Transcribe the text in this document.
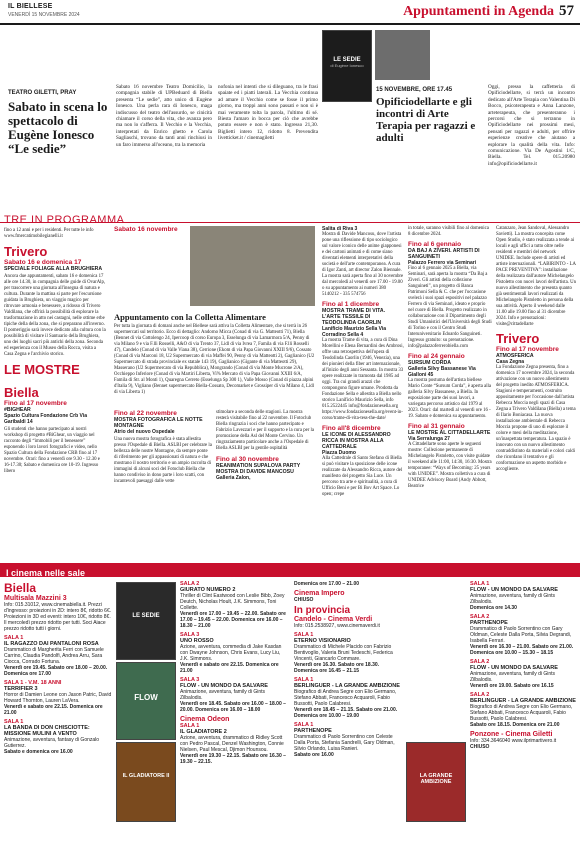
IL BIELLESE
VENERDÌ 15 NOVEMBRE 2024	Appuntamenti in Agenda 57
TEATRO GILETTI, PRAY
Sabato in scena lo spettacolo di Eugène Ionesco “Le sedie”
Sabato 16 novembre Teatro Domicilio, la compagnia stabile di UPBeduard di Biella presenta “Le sedie”, atto unico di Eugène Ionesco. Una perla rara di Ionesco, maga indiscusso del teatro dell'assurdo, se cinicità chiamare il corso della vita, che avanza pero ma non lo s'afferra. Il Vecchio e la Vecchia, interpretati da Enrico ghetto e Carola Sagliaschi, trovano da tanti anni rinchiusi in un faro immerso all'oceano, tra la memoria
nofonia nel intenti che si dileguano, tra le frasi spaiate ed i piatti laterali. La Vecchia continua ad amare il Vecchio come se fosse il primo giorno, ma troppi anni sono passati e non si è mai veramente tolta la parola, l'ultimo di sé. Biesta l'amaro in bocca per ciò che avrebbe potuto essere e non è stato. Ingresso 21,30. Biglietti intero 12, ridotto 8. Prevendita livetticket.it / cinemagiletti
LE SEDIE
di Eugène Ionesco
15 NOVEMBRE, ORE 17.45
Opificiodellarte e gli incontri di Arte Terapia per ragazzi e adulti
Oggi, presso la caffetteria di Opificiodellarte, si terrà un incontro dedicato all'Arte Terapia con Valentina Di Bocco, psicoterapeuta e Anna Lanzone, arteterapeuta, che presenteranno i percorsi che si terranno in Opificiodellarte nei prossimi mesi, pensati per ragazzi e adulti, per offrire esperienze creative che aiutano a esplorare la qualità della vita. Info: comunicazione. Via De Agostini 1/C, Biella. Tel. 015.20980 info@opificiodellarte.it
TRE IN PROGRAMMA
fino a 12 anni e per i residenti. Per tutte le info www.fmercatimobilegianelli.it
Trivero
Sabato 16 e domenica 17
SPECIALE FOLIAGE ALLA BRUGHIERA
Ancora due appuntamenti, sabato 16 e domenica 17 alle ore 14.30, in compagnia delle guide di OvarAlp, per trascorrere una giornata all'insegna di natura e cultura. Durante la mattina si parte per l'escursione guidata in Brughiera, un viaggio magico per ritrovare armonia e benessere, a ridosso di Trivero Valdilana, che offrirà la possibilità di esplorare la trasformazione in atto nei castagni, nelle ottime erbe tipiche della della zona, che si preparano all'inverno. Il pomeriggio sarà invece dedicato alla cultura con la possibilità di visitare il Santuario della Brughiera, uno dei luoghi sacri più antichi della zona. Seconda ed esperienza con il Museo della Rocca, visita a Casa Zegna e l'archivio storico.
LE MOSTRE
Biella
Fino al 17 novembre
#BIGHEAR
Spazio Cultura Fondazione Crb Via Garibaldi 14
Gli studenti che hanno partecipato ai nostri workshop di progetto #BiGhear, un viaggio nel racconto degli “immobili per il benessere” esponendo i loro lavori fotografici e video, nello Spazio Cultura della Fondazione CRB fino al 17 novembre. Orari: fino a venerdì ore 9.30 - 12.30 e 16-17.30; Sabato e domenica ore 10-19. Ingresso libero
Sabato 16 novembre
Appuntamento con la Colletta Alimentare
Per tutta la giornata di domani anche nel Biellese sarà attiva la Colletta Alimentare, che si terrà in 26 supermercati sul territorio. Ecco di dettaglio: Andorno Micca (Conad di via G. Matteotti 71), Biella (Bennet di via Cottolengo 24, Ipercoop di corso Europa 3, Esselunga di via Lamarmora 5/A, Penny di via Milano 9 e via F.lli Rosselli, A&O di via Trento 37, Lidl di via Ivrea 7, Famila di via F.lli Rosselli 47), Candelo (Conad di via Valle Viana 38), Cerrione (Ekom di via Papa Giovanni XXIII 9/6), Cossato (Conad di via Marconi 18, U2 Supermercato di via Maffei 90, Penny di via Matteotti 2), Gaglianico (U2 Supermercato di strada provinciale ex statale 143 19), Gaglianico (Gigante di via Matteotti 29), Masserano (U2 Supermercato di via Repubblica), Mongrando (Conad di via Monte Mucrone 2/A), Occhieppo Inferiore (Conad di via Martiri Liberta, Vi% Mercato di via Papa Giovanni XXIII 6/A, Famila di Str. al Monti 1), Quaregna Cerreto (Esselunga Sp 300 1), Valle Mosso (Conad di piazza alpini d'Italia 9), Vigliano (Bennet supermercato Biella-Cossato, Decomarket e Grossiper di via Milano 4, Lidl di via Liberta 1)
Fino al 22 novembre
MOSTRA FOTOGRAFICA LE NOTTE MONTAGNE
Atrio del nuovo Ospedale
Una nuova mostra fotografica è stata allestita presso l'Ospedale di Biella. ASLBI per celebrare la bellezza delle nostre Montagne, da sempre ponte di riferimento per gli appassionati di natura e che mostrano il nostro territorio e un ampio raccolta di immagini di alcuni soci del Fotoclub Biella che hanno condiviso in dono parte i loro scatti, con incantevoli paesaggi dalle vette
stimolare a seconda delle stagioni. La mostra resterà visitabile fino al 22 novembre. Il Fotoclub Biella ringrazia i soci che hanno partecipato e Fabrizio Lavezzari e per il supporto e la cura per la promozione della Asl del Monte Cervino. Un ringraziamento particolare anche a l'Ospedale di Biella ASLBI per la gentile ospitalità
Fino al 30 novembre
REANIMATION SUPALOVA PARTY MOSTRA DI DAVIDE MANCOSU
Galleria Zalon,
Salita di Riva 3
Mostra di Davide Mancosu, dove l'artista pone una riflessione di tipo sociologico sul valore iconico delle anime giapponesi e dei cartoni animati e di come siano diventati elementi interpretativi della società e dell'arte contemporanea. A cura di Igor Zanti, art director Zalon Biennale. La mostra sarà aperta fino al 30 novembre dal mercoledì al venerdì ore 17.00 - 19.00 o su appuntamento ai numeri 380 5140212 - 335 574756
Fino al 1 dicembre
MOSTRA TRAME DI VITA. L'ARTE TESSILE DI TEODOLINDA CAORLIN
Lanificio Maurizio Sella Via Corradino Sella 4
La mostra Trame di vita, a cura di Dina Morellini e Elena Bernardini des Ambrosi, offre una retrospettiva dell'opera di Teodolinda Caorlin (1946, Venezia), una dei pionieri della fiber art internazionale, all'inizio degli anni Sessanta. In mostra 33 opere realizzate in tramonta dal 1985 ad oggi. Tra cui grandi arazzi che compongono figure umane. Prodotta da Fondazione Sella e allestita a Biella nello storico Lanificio Maurizio Sella, info 015.2522445 info@fondazionesella.org https://www.fondazionesella.org/event-in-corso/trame-di-vita-tess-the-date/
Fino all'8 dicembre
LE ICONE DI ALESSANDRO RICCA IN MOSTRA ALLA CATTEDRALE
Piazza Duomo
Alla Cattedrale di Santo Stefano di Biella si può visitare la sposizione delle icone realizzate da Alessandro Ricca, autore del manifesto del progetto Sia Luce. Un percorso tra arte e spiritualità, a cura di Ufficio Beni e per Bi Bov Art Space. Lo open; crepe
in totale, saranno visibili fino al domenica 8 dicembre 2024.
Fino al 6 gennaio
DA BAJ A ZIVERI. ARTISTI DI SANGUINETI
Palazzo Ferrero via Seminari
Fino al 6 gennaio 2025 a Biella, via Seminari, sarà aperta la mostra “Da Baj a Ziveri. Gli artisti della collezione Sanguineti”, un progetto di Banca Patrimoni Sella & C. che per l'occasione svelerà i suoi spazi espositivi nel palazzo Ferrero di via Seminari, ideato e proprio nel cuore di Biella. Progetto realizzato in collaborazione con il Dipartimento degli Studi Umanistici dell'Università degli Studi di Torino e con il Centro Studi Interuniversitario Edoardo Sanguineti. Ingresso gratuito: su prenotazione. info@palazzoferrerobiella.com
Fino al 24 gennaio
SURSUM CORDA
Galleria Silvy Bassanese Via Gialloni 45
La mostra postuma dell'artista biellese Mario Conte “Sursum Corda”, è aperta alla galleria Silvy Bassanese, a Biella. In esposizione parte dei suoi lavori, a variegata percorso artistico dal 1979 al 2023. Orari: dal martedì al venerdì ore 16 - 19. Sabato e domenica su appuntamento.
Fino al 31 gennaio
LE MOSTRE AL CITTADELLARTE
Via Serralunga 27
A Cittadellarte sono aperte le seguenti mostre: Collezione permanente di Michelangelo Pistoletto, con visite guidate il weekend alle 11:00, 14:30, 16:30. Mostra temporanee: “Ways of Becoming: 25 years with UNIDEE”. Mostra collettiva a cura di UNIDEE Advisory Board (Andy Abbott, Beatrice
Catanzaro, Jean Sandoval, Alessandro Savietti). La mostra concepita come Open Studio, è stato realizzata a tende ai locali e agli uffici a tutto oltre nelle residenti e membri del network UNIDEE. Include opere di artisti ed artiste internazionali. “LABIRINTO - LA PACE PREVENTIVA”: installazione della realizzata dall'autore Michelangelo Pistoletto con nuovi lavori dell'artista. Un nuovo allestimento che presenta quanto già sentimentali lavori realizzati da Michelangelo Pistoletto in persona della sua attività. Aperto il weekend dalle 11.00 alle 19.00 fino al 31 dicembre 2024. Info e prenotazioni: visite@cittadellarte
Trivero
Fino al 17 novembre
ATMOSFERICA
Casa Zegna
La Fondazione Zegna presenta, fino a domenica 17 novembre 2024, la seconda attivazione con un nuovo allestimento del progetto inedito ATMOSFERICA. Stagioni e temperamenti, costruito appositamente per l'occasione dall'artista Rebecca Moccia negli spazi di Casa Zegna a Trivero Valdilana (Biella) a tema di Ilario Boniacasa. La nuova installazione ambientale di Rebecca Moccia propone di uno di esplorare il colore e mesi della meditazione, un'inaspettata temperatura. La spazio è innovato con un nuovo allestimento contraddistinto da materiali e colori caldi che ricordano il tentativo e gli conformazione un aspetto morbido e accogliente.
I cinema nelle sale
Biella
Multisala Mazzini 3
Info: 015.31012, www.cinemabiella.it. Prezzi d'ingresso: proiezioni in 2D: intero 8€, ridotto 6€. Proiezioni in 3D ed eventi: intero 10€, ridotto 8€. Il mercoledì prezzo ridotto per tutti. Soci Aiace prezzo ridotto tutti i giorni.
SALA 1
IL RAGAZZO DAI PANTALONI ROSA
Drammatico di Margherita Ferri con Samuele Carrino, Claudia Pandolfi, Andrea Arru, Sara Ciocca, Corrado Fortuna.
Venerdì ore 19.45. Sabato ore 18.00 – 20.00. Domenica ore 17.00
SALA 1 - V.M. 18 ANNI
TERRIFIER 3
Horror di Damien Leone con Jason Patric, David Howard Thornton, Lauren LaVera.
Venerdì e sabato ore 22.15. Domenica ore 21.00
SALA 1
LA BANDA DI DON CHISCIOTTE: MISSIONE MULINI A VENTO
Animazione, avventura, fantasy di Gonzalo Gutierrez.
Sabato e domenica ore 16.00
LE SEDIE
FLOW
IL GLADIATORE II
SALA 2
GIURATO NUMERO 2
Thriller di Clint Eastwood con Leslie Bibb, Zoey Deutch, Nicholas Hoult, J.K. Simmons, Toni Collette.
Venerdì ore 17.00 – 19.45 – 22.00. Sabato ore 17.00 – 19.45 – 22.00. Domenica ore 16.00 – 18.30 – 21.00
SALA 3
UNO ROSSO
Azione, avventura, commedia di Jake Kasdan con Dwayne Johnson, Chris Evans, Lucy Liu, J.K. Simmons.
Venerdì e sabato ore 22.15. Domenica ore 21.00
SALA 3
FLOW - UN MONDO DA SALVARE
Animazione, avventura, family di Gints Zilbalodis.
Venerdì ore 18.45. Sabato ore 16.00 – 18.00 – 20.00. Domenica ore 16.00 – 18.00
Cinema Odeon
SALA 1
IL GLADIATORE 2
Azione, avventura, drammatico di Ridley Scott con Pedro Pascal, Denzel Washington, Connie Nielsen, Paul Mescal, Djimon Hounsou.
Venerdì ore 19.30 – 22.15. Sabato ore 16.30 – 19.30 – 22.15.
Domenica ore 17.00 – 21.00
Cinema Impero
CHIUSO
In provincia
Candelo - Cinema Verdi
Info: 015.2538927, www.cinemaverdi.it
SALA 1
ETERNO VISIONARIO
Drammatico di Michele Placido con Fabrizio Bentivoglio, Valeria Bruni Tedeschi, Federica Vincenti, Giancarlo Commare.
Venerdì ore 16.30. Sabato ore 18.30. Domenica ore 16.45 – 21.15
SALA 1
BERLINGUER - LA GRANDE AMBIZIONE
Biografico di Andrea Segre con Elio Germano, Stefano Abbati, Francesco Acquaroli, Fabio Bussotti, Paolo Calabresi.
Venerdì ore 18.45 – 21.15. Sabato ore 21.00. Domenica ore 10.00 – 19.00
SALA 1
PARTHENOPE
Drammatico di Paolo Sorrentino con Celeste Dalla Porta, Stefania Sandrelli, Gary Oldman, Silvio Orlando, Luisa Ranieri.
Sabato ore 16.00
LA GRANDE AMBIZIONE
SALA 1
FLOW - UN MONDO DA SALVARE
Animazione, avventura, family di Gints Zilbalodis.
Domenica ore 14.30
SALA 2
PARTHENOPE
Drammatico di Paolo Sorrentino con Gary Oldman, Celeste Dalla Porta, Silvia Degrandi, Isabella Ferrari.
Venerdì ore 16.30 – 21.00. Sabato ore 21.00. Domenica ore 10.00 – 15.30 – 18.15
SALA 2
FLOW - UN MONDO DA SALVARE
Animazione, avventura, family di Gints Zilbalodis.
Venerdì ore 19.00. Sabato ore 16.15
SALA 2
BERLINGUER - LA GRANDE AMBIZIONE
Biografico di Andrea Segre con Elio Germano, Stefano Abbati, Francesco Acquaroli, Fabio Bussotti, Paolo Calabresi.
Sabato ore 18.15. Domenica ore 21.00
Ponzone - Cinema Giletti
Info: 334.3646040 www.ilprimartivero.it
CHIUSO
